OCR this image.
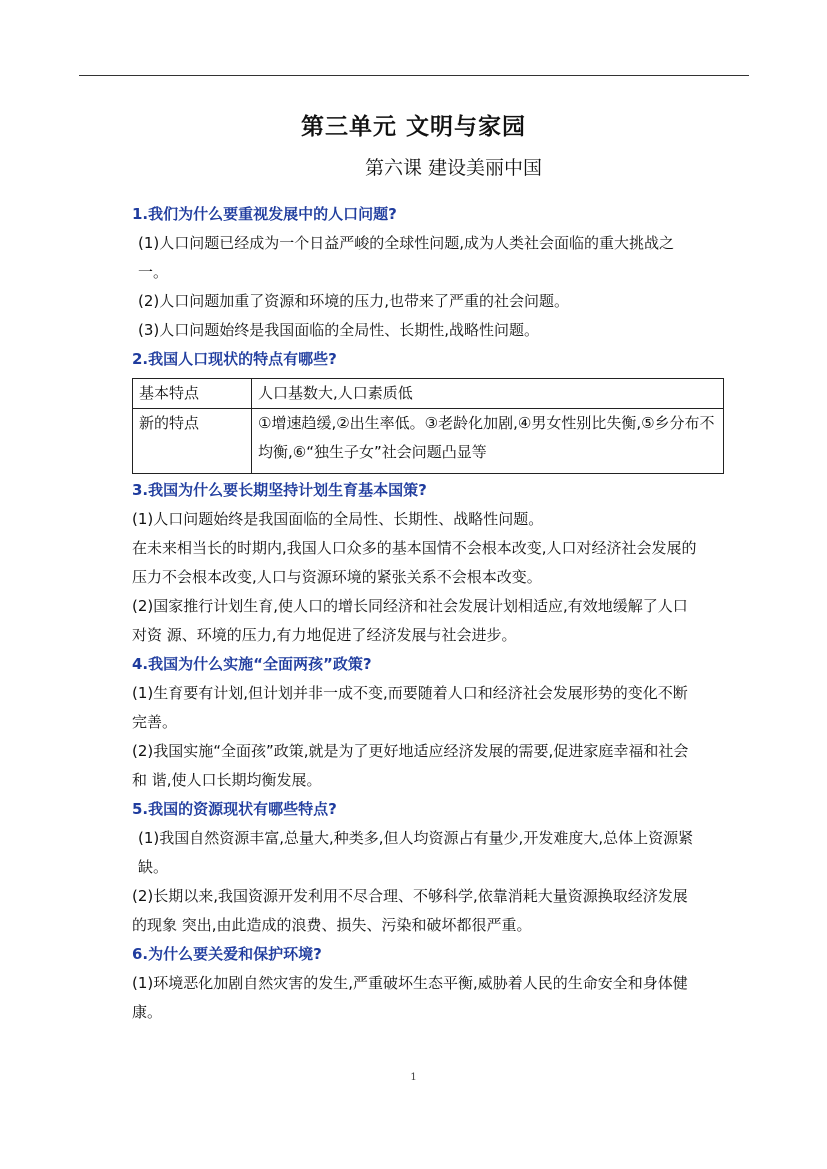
第三单元 文明与家园
第六课 建设美丽中国
1.我们为什么要重视发展中的人口问题?

(1)人口问题已经成为一个日益严峻的全球性问题,成为人类社会面临的重大挑战之一。

(2)人口问题加重了资源和环境的压力,也带来了严重的社会问题。

(3)人口问题始终是我国面临的全局性、长期性,战略性问题。

2.我国人口现状的特点有哪些?
基本特点	人口基数大,人口素质低
新的特点	①增速趋缓,②出生率低。③老龄化加剧,④男女性别比失衡,⑤乡分布不均衡,⑥“独生子女”社会问题凸显等
3.我国为什么要长期坚持计划生育基本国策?

(1)人口问题始终是我国面临的全局性、长期性、战略性问题。

在未来相当长的时期内,我国人口众多的基本国情不会根本改变,人口对经济社会发展的 压力不会根本改变,人口与资源环境的紧张关系不会根本改变。

(2)国家推行计划生育,使人口的增长同经济和社会发展计划相适应,有效地缓解了人口对资 源、环境的压力,有力地促进了经济发展与社会进步。

4.我国为什么实施“全面两孩”政策?

(1)生育要有计划,但计划并非一成不变,而要随着人口和经济社会发展形势的变化不断完善。

(2)我国实施“全面孩”政策,就是为了更好地适应经济发展的需要,促进家庭幸福和社会和 谐,使人口长期均衡发展。

5.我国的资源现状有哪些特点?

(1)我国自然资源丰富,总量大,种类多,但人均资源占有量少,开发难度大,总体上资源紧缺。

(2)长期以来,我国资源开发利用不尽合理、不够科学,依靠消耗大量资源换取经济发展的现象 突出,由此造成的浪费、损失、污染和破坏都很严重。

6.为什么要关爱和保护环境?

(1)环境恶化加剧自然灾害的发生,严重破坏生态平衡,威胁着人民的生命安全和身体健康。

1
